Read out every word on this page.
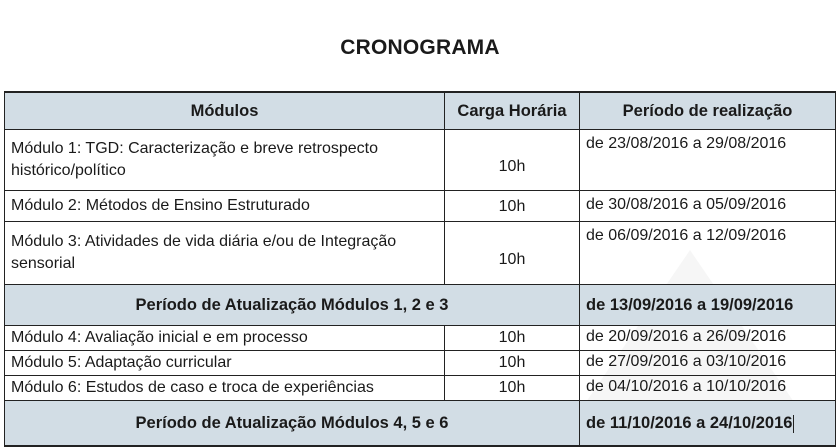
CRONOGRAMA
Módulos	Carga Horária	Período de realização
Módulo 1: TGD: Caracterização e breve retrospecto histórico/político	10h	de 23/08/2016 a 29/08/2016
Módulo 2: Métodos de Ensino Estruturado	10h	de 30/08/2016 a 05/09/2016
Módulo 3: Atividades de vida diária e/ou de Integração sensorial	10h	de 06/09/2016 a 12/09/2016
Período de Atualização Módulos 1, 2 e 3		de 13/09/2016 a 19/09/2016
Módulo 4: Avaliação inicial e em processo	10h	de 20/09/2016 a 26/09/2016
Módulo 5: Adaptação curricular	10h	de 27/09/2016 a 03/10/2016
Módulo 6: Estudos de caso e troca de experiências	10h	de 04/10/2016 a 10/10/2016
Período de Atualização Módulos 4, 5 e 6		de 11/10/2016 a 24/10/2016
